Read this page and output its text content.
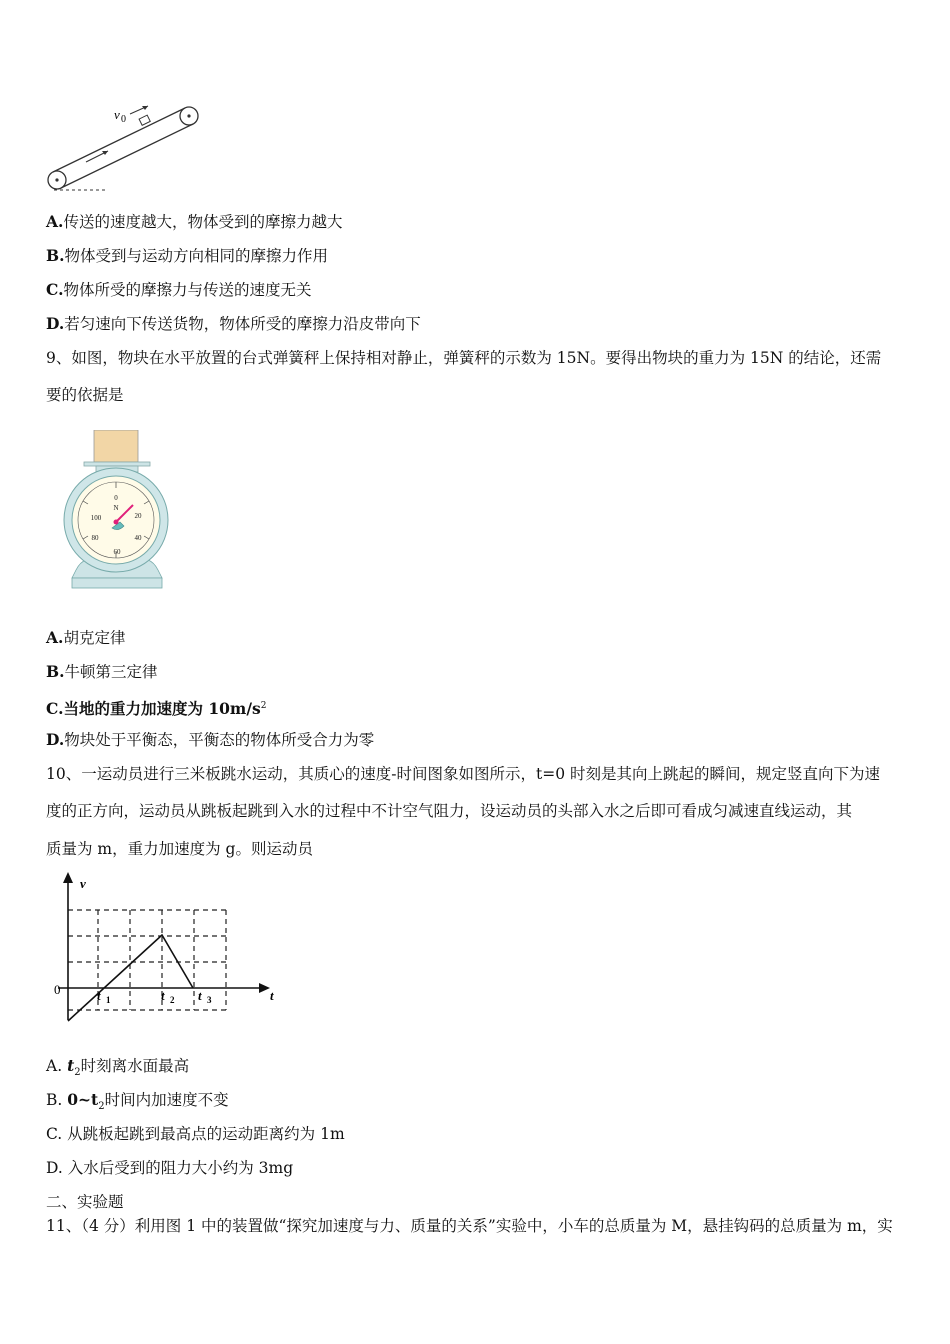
v 0
A.传送的速度越大，物体受到的摩擦力越大
B.物体受到与运动方向相同的摩擦力作用
C.物体所受的摩擦力与传送的速度无关
D.若匀速向下传送货物，物体所受的摩擦力沿皮带向下
9、如图，物块在水平放置的台式弹簧秤上保持相对静止，弹簧秤的示数为 15N。要得出物块的重力为 15N 的结论，还需
要的依据是
0
N
20
40
60
80
100
A.胡克定律
B.牛顿第三定律
C.当地的重力加速度为 $10m/s^2$
D.物块处于平衡态，平衡态的物体所受合力为零
10、一运动员进行三米板跳水运动，其质心的速度-时间图象如图所示，t=0 时刻是其向上跳起的瞬间，规定竖直向下为速
度的正方向，运动员从跳板起跳到入水的过程中不计空气阻力，设运动员的头部入水之后即可看成匀减速直线运动，其
质量为 m，重力加速度为 g。则运动员
v
t
0	t	t	t
1	2	3
A. $t_2$时刻离水面最高
B. $0\sim t_2$时间内加速度不变
C. 从跳板起跳到最高点的运动距离约为 1m
D. 入水后受到的阻力大小约为 3mg
二、实验题
11、（4 分）利用图 1 中的装置做“探究加速度与力、质量的关系”实验中，小车的总质量为 M，悬挂钩码的总质量为 m，实
